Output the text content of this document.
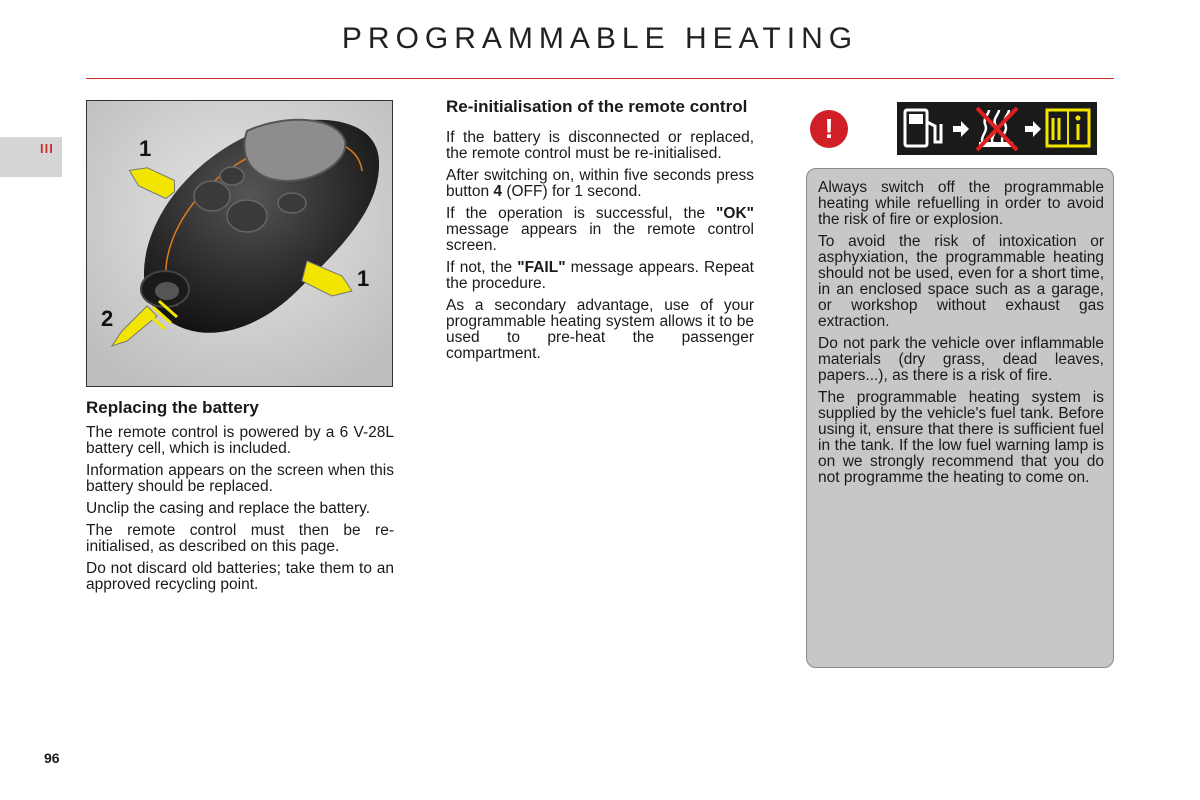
PROGRAMMABLE HEATING
III	1
1
2
Replacing the battery

The remote control is powered by a 6 V-28L battery cell, which is included.

Information appears on the screen when this battery should be replaced.

Unclip the casing and replace the battery.

The remote control must then be re-initialised, as described on this page.

Do not discard old batteries; take them to an approved recycling point.

Re-initialisation of the remote control

If the battery is disconnected or replaced, the remote control must be re-initialised.

After switching on, within five seconds press button 4 (OFF) for 1 second.

If the operation is successful, the "OK" message appears in the remote control screen.

If not, the "FAIL" message appears. Repeat the procedure.

As a secondary advantage, use of your programmable heating system allows it to be used to pre-heat the passenger compartment.

!

Always switch off the programmable heating while refuelling in order to avoid the risk of fire or explosion.

To avoid the risk of intoxication or asphyxiation, the programmable heating should not be used, even for a short time, in an enclosed space such as a garage, or workshop without exhaust gas extraction.

Do not park the vehicle over inflammable materials (dry grass, dead leaves, papers...), as there is a risk of fire.

The programmable heating system is supplied by the vehicle's fuel tank. Before using it, ensure that there is sufficient fuel in the tank. If the low fuel warning lamp is on we strongly recommend that you do not programme the heating to come on.

96
